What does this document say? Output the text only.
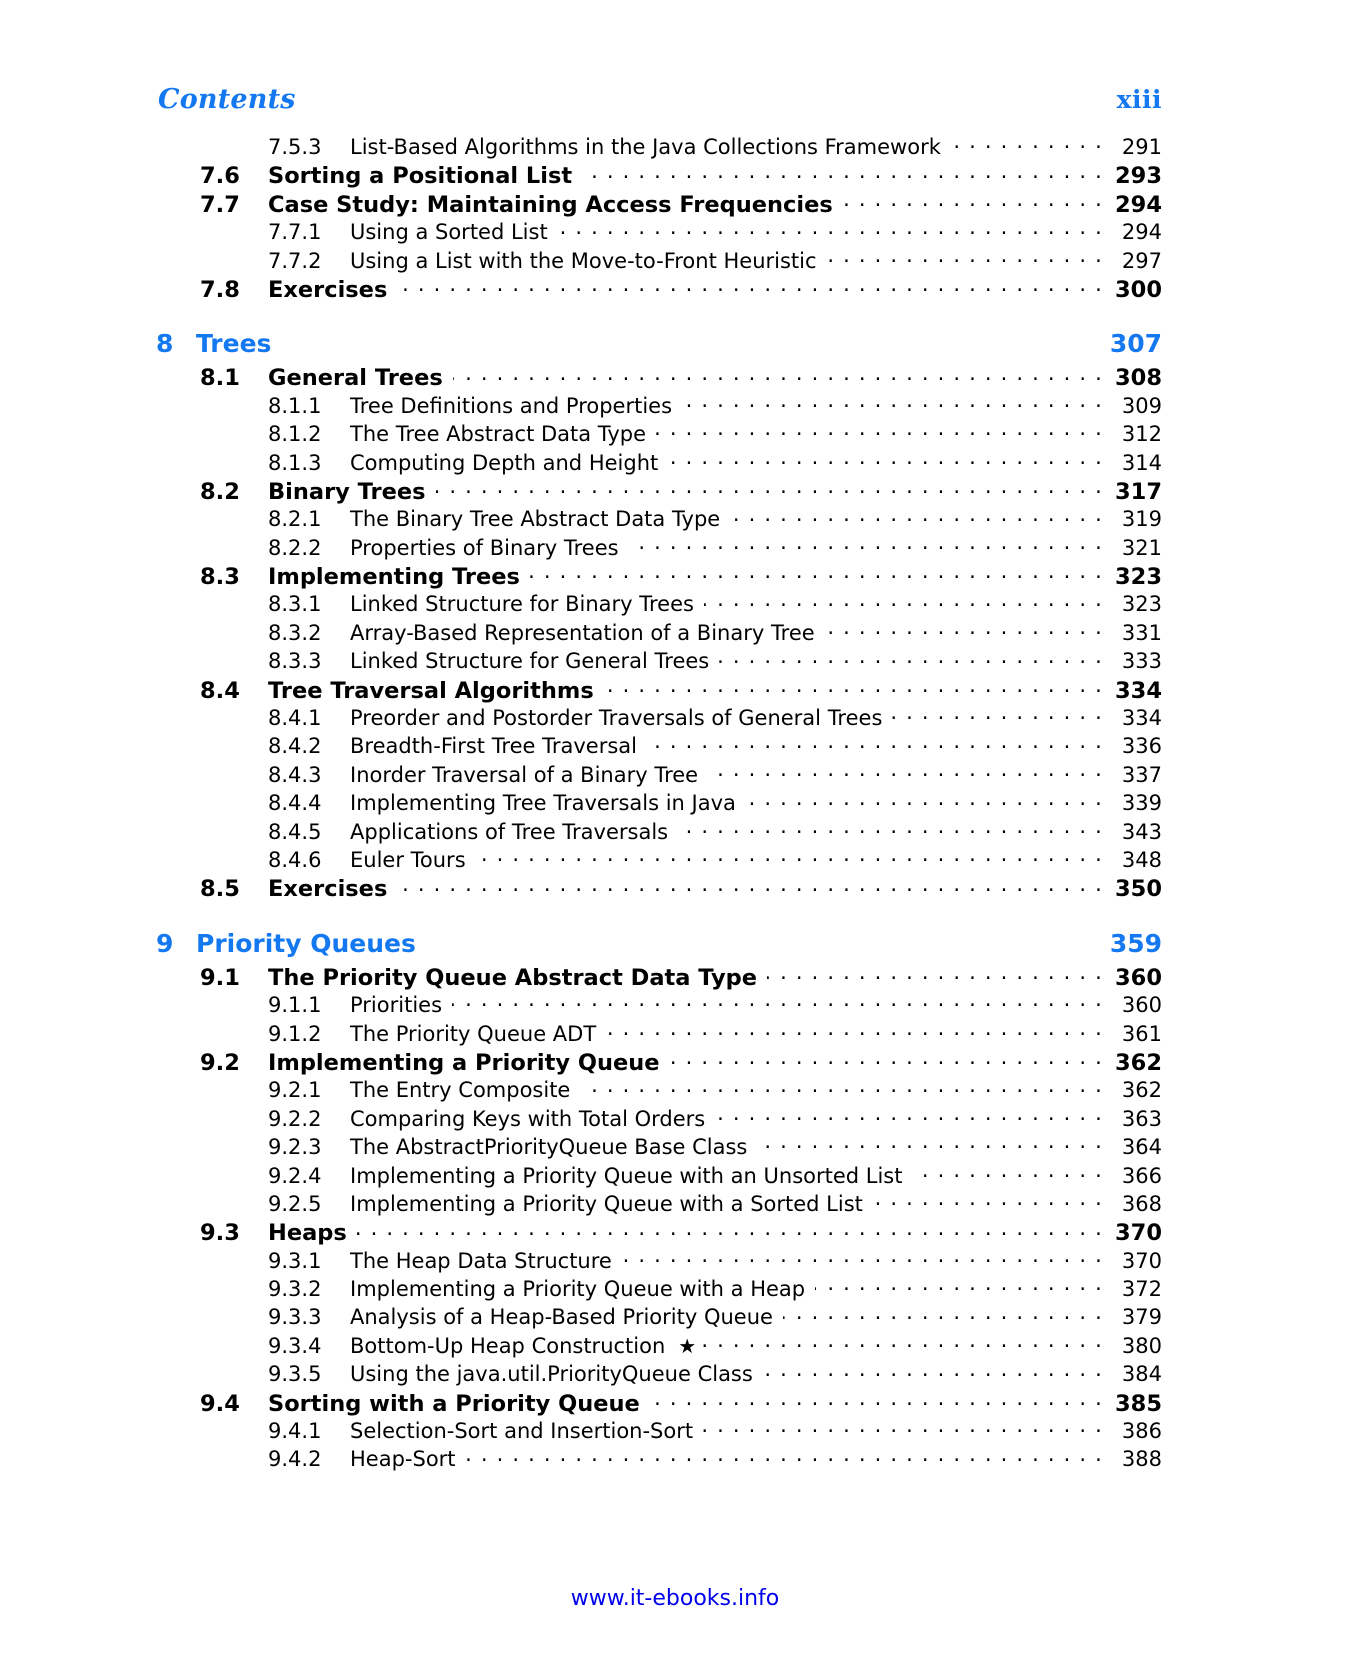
Contents	xiii
7.5.3	List-Based Algorithms in the Java Collections Framework . . .	291
7.6	Sorting a Positional List . . .	293
7.7	Case Study: Maintaining Access Frequencies . . .	294
7.7.1	Using a Sorted List . . .	294
7.7.2	Using a List with the Move-to-Front Heuristic . . .	297
7.8	Exercises . . .	300
8 Trees	307
8.1	General Trees . . .	308
8.1.1	Tree Definitions and Properties . . .	309
8.1.2	The Tree Abstract Data Type . . .	312
8.1.3	Computing Depth and Height . . .	314
8.2	Binary Trees . . .	317
8.2.1	The Binary Tree Abstract Data Type . . .	319
8.2.2	Properties of Binary Trees . . .	321
8.3	Implementing Trees . . .	323
8.3.1	Linked Structure for Binary Trees . . .	323
8.3.2	Array-Based Representation of a Binary Tree . . .	331
8.3.3	Linked Structure for General Trees . . .	333
8.4	Tree Traversal Algorithms . . .	334
8.4.1	Preorder and Postorder Traversals of General Trees . . .	334
8.4.2	Breadth-First Tree Traversal . . .	336
8.4.3	Inorder Traversal of a Binary Tree . . .	337
8.4.4	Implementing Tree Traversals in Java . . .	339
8.4.5	Applications of Tree Traversals . . .	343
8.4.6	Euler Tours . . .	348
8.5	Exercises . . .	350
9 Priority Queues	359
9.1	The Priority Queue Abstract Data Type . . .	360
9.1.1	Priorities . . .	360
9.1.2	The Priority Queue ADT . . .	361
9.2	Implementing a Priority Queue . . .	362
9.2.1	The Entry Composite . . .	362
9.2.2	Comparing Keys with Total Orders . . .	363
9.2.3	The AbstractPriorityQueue Base Class . . .	364
9.2.4	Implementing a Priority Queue with an Unsorted List . . .	366
9.2.5	Implementing a Priority Queue with a Sorted List . . .	368
9.3	Heaps . . .	370
9.3.1	The Heap Data Structure . . .	370
9.3.2	Implementing a Priority Queue with a Heap . . .	372
9.3.3	Analysis of a Heap-Based Priority Queue . . .	379
9.3.4	Bottom-Up Heap Construction ★ . . .	380
9.3.5	Using the java.util.PriorityQueue Class . . .	384
9.4	Sorting with a Priority Queue . . .	385
9.4.1	Selection-Sort and Insertion-Sort . . .	386
9.4.2	Heap-Sort . . .	388
www.it-ebooks.info
